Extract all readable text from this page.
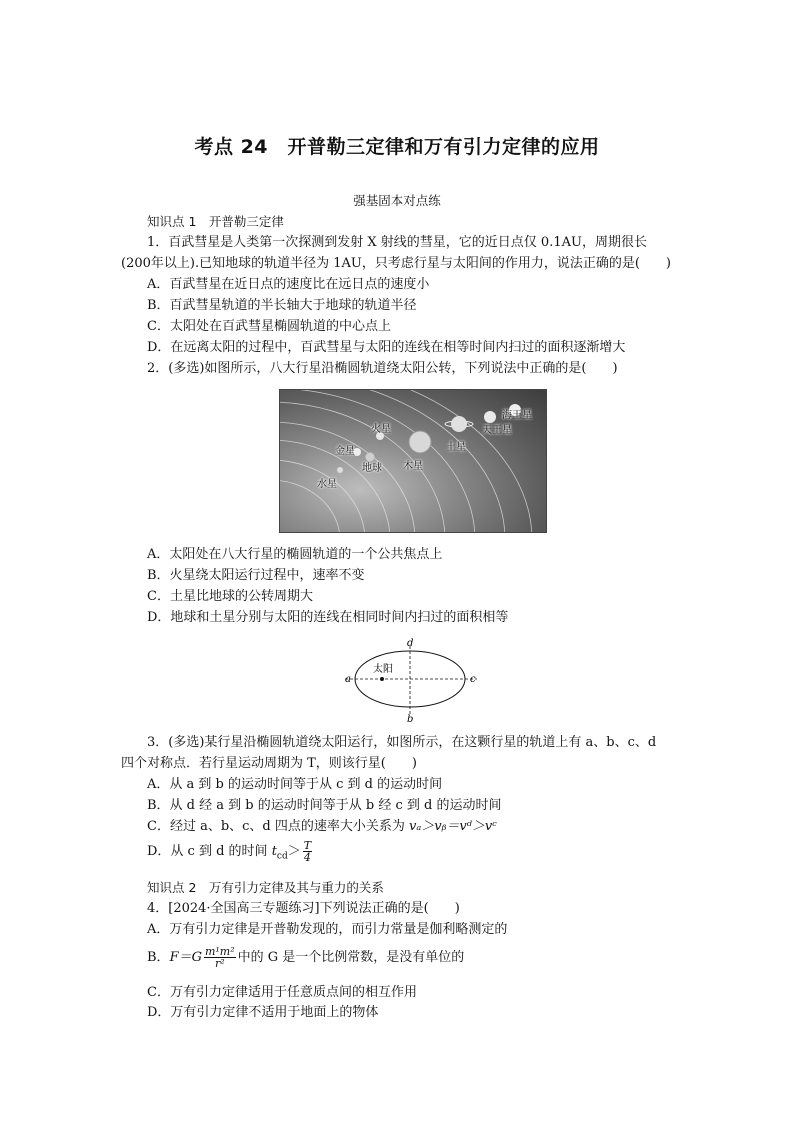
考点 24　开普勒三定律和万有引力定律的应用
强基固本对点练
知识点 1　开普勒三定律
1．百武彗星是人类第一次探测到发射 X 射线的彗星，它的近日点仅 0.1AU，周期很长
(200年以上).已知地球的轨道半径为 1AU，只考虑行星与太阳间的作用力，说法正确的是(　　)
A．百武彗星在近日点的速度比在远日点的速度小
B．百武彗星轨道的半长轴大于地球的轨道半径
C．太阳处在百武彗星椭圆轨道的中心点上
D．在远离太阳的过程中，百武彗星与太阳的连线在相等时间内扫过的面积逐渐增大
2．(多选)如图所示，八大行星沿椭圆轨道绕太阳公转，下列说法中正确的是(　　)
水星
金星
地球
火星
木星
土星
天王星
海王星
A．太阳处在八大行星的椭圆轨道的一个公共焦点上
B．火星绕太阳运行过程中，速率不变
C．土星比地球的公转周期大
D．地球和土星分别与太阳的连线在相同时间内扫过的面积相等
太阳
a	c
d
b
3．(多选)某行星沿椭圆轨道绕太阳运行，如图所示，在这颗行星的轨道上有 a、b、c、d
四个对称点．若行星运动周期为 T，则该行星(　　)
A．从 a 到 b 的运动时间等于从 c 到 d 的运动时间
B．从 d 经 a 到 b 的运动时间等于从 b 经 c 到 d 的运动时间
C．经过 a、b、c、d 四点的速率大小关系为 vₐ＞vᵦ＝vᵈ＞vᶜ
D．从 c 到 d 的时间 $t_{cd}> \frac{T}{4}$
知识点 2　万有引力定律及其与重力的关系
4．[2024·全国高三专题练习]下列说法正确的是(　　)
A．万有引力定律是开普勒发现的，而引力常量是伽利略测定的
B．$F=G \frac{\text{m¹m²}}{\text{r²}}$ 中的 G 是一个比例常数，是没有单位的
C．万有引力定律适用于任意质点间的相互作用
D．万有引力定律不适用于地面上的物体
